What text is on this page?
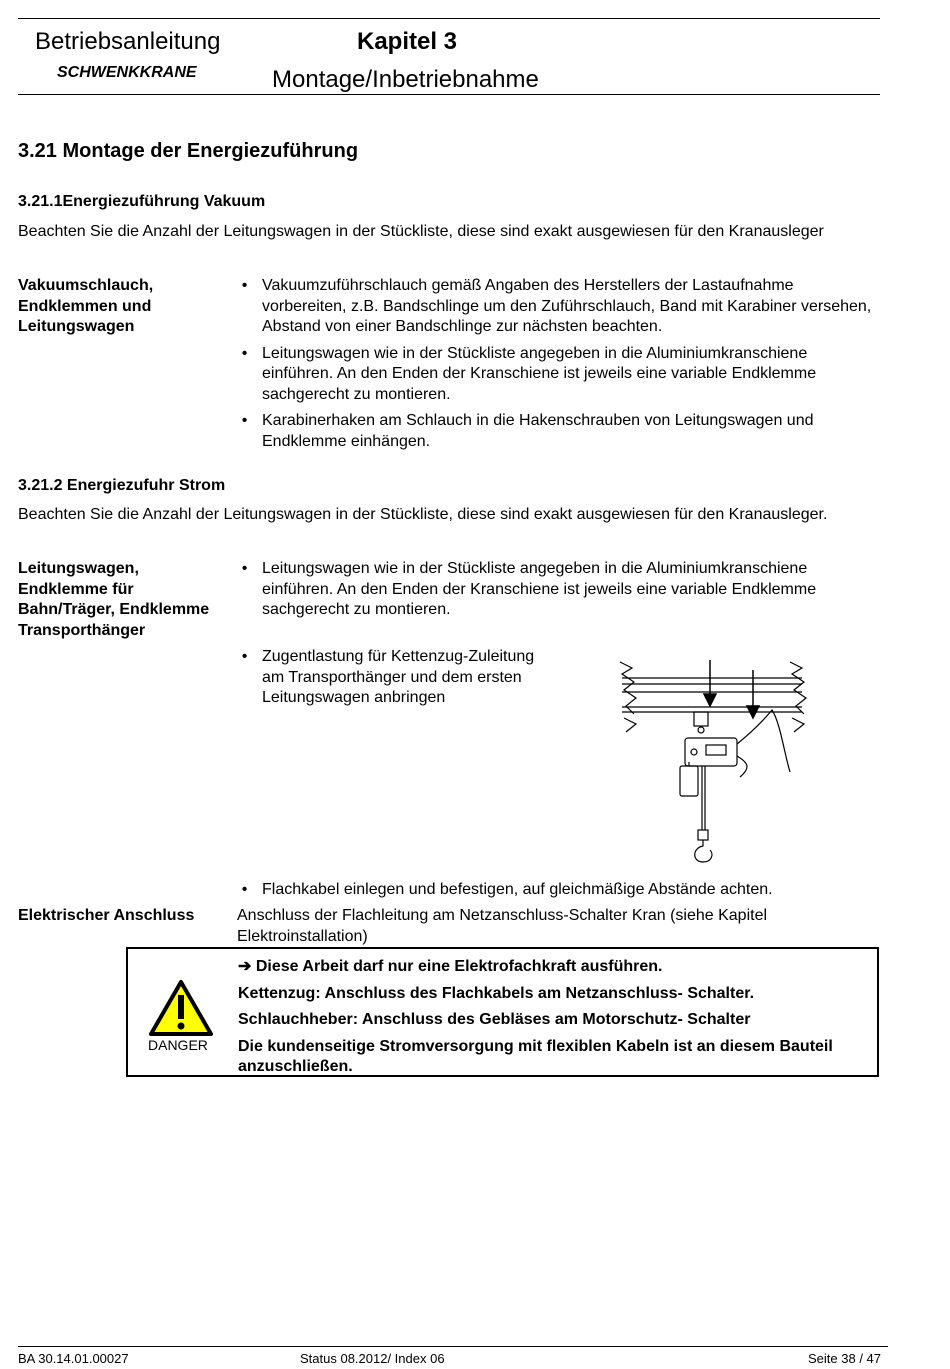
Betriebsanleitung
SCHWENKKRANE
Kapitel 3
Montage/Inbetriebnahme
3.21 Montage der Energiezuführung
3.21.1Energiezuführung Vakuum
Beachten Sie die Anzahl der Leitungswagen in der Stückliste, diese sind exakt ausgewiesen für den Kranausleger
Vakuumschlauch,
Endklemmen und
Leitungswagen
• Vakuumzuführschlauch gemäß Angaben des Herstellers der Lastaufnahme vorbereiten, z.B. Bandschlinge um den Zuführschlauch, Band mit Karabiner versehen, Abstand von einer Bandschlinge zur nächsten beachten.
• Leitungswagen wie in der Stückliste angegeben in die Aluminiumkranschiene einführen. An den Enden der Kranschiene ist jeweils eine variable Endklemme sachgerecht zu montieren.
• Karabinerhaken am Schlauch in die Hakenschrauben von Leitungswagen und Endklemme einhängen.
3.21.2 Energiezufuhr Strom
Beachten Sie die Anzahl der Leitungswagen in der Stückliste, diese sind exakt ausgewiesen für den Kranausleger.
Leitungswagen,
Endklemme für
Bahn/Träger, Endklemme
Transporthänger
• Leitungswagen wie in der Stückliste angegeben in die Aluminiumkranschiene einführen. An den Enden der Kranschiene ist jeweils eine variable Endklemme sachgerecht zu montieren.
• Zugentlastung für Kettenzug-Zuleitung am Transporthänger und dem ersten Leitungswagen anbringen
• Flachkabel einlegen und befestigen, auf gleichmäßige Abstände achten.
Elektrischer Anschluss	Anschluss der Flachleitung am Netzanschluss-Schalter Kran (siehe Kapitel Elektroinstallation)
DANGER
➔ Diese Arbeit darf nur eine Elektrofachkraft ausführen.
Kettenzug: Anschluss des Flachkabels am Netzanschluss- Schalter.
Schlauchheber: Anschluss des Gebläses am Motorschutz- Schalter
Die kundenseitige Stromversorgung mit flexiblen Kabeln ist an diesem Bauteil anzuschließen.
BA 30.14.01.00027	Status 08.2012/ Index 06	Seite 38 / 47
